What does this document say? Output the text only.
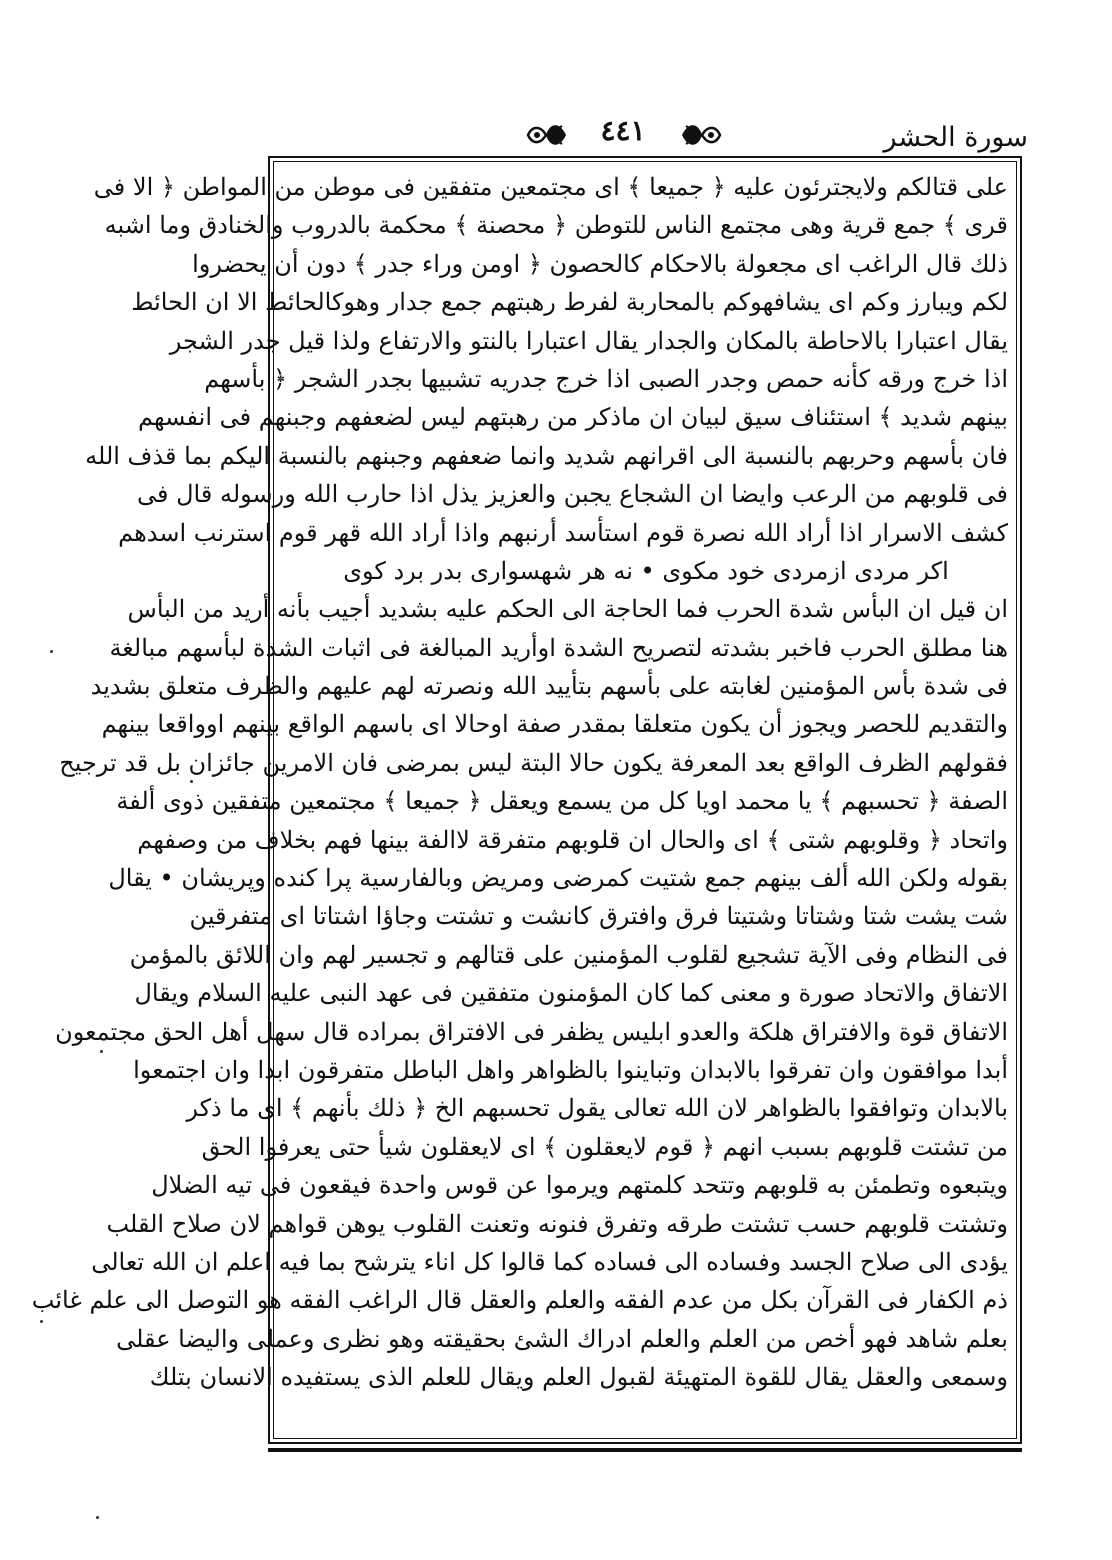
سورة الحشر
٤٤١
على قتالكم ولايجترئون عليه ﴿ جميعا ﴾ اى مجتمعين متفقين فى موطن من المواطن ﴿ الا فى
قرى ﴾ جمع قرية وهى مجتمع الناس للتوطن ﴿ محصنة ﴾ محكمة بالدروب والخنادق وما اشبه
ذلك قال الراغب اى مجعولة بالاحكام كالحصون ﴿ اومن وراء جدر ﴾ دون أن يحضروا
لكم ويبارز وكم اى يشافهوكم بالمحاربة لفرط رهبتهم جمع جدار وهوكالحائط الا ان الحائط
يقال اعتبارا بالاحاطة بالمكان والجدار يقال اعتبارا بالنتو والارتفاع ولذا قيل جدر الشجر
اذا خرج ورقه كأنه حمص وجدر الصبى اذا خرج جدريه تشبيها بجدر الشجر ﴿ بأسهم
بينهم شديد ﴾ استئناف سيق لبيان ان ماذكر من رهبتهم ليس لضعفهم وجبنهم فى انفسهم
فان بأسهم وحربهم بالنسبة الى اقرانهم شديد وانما ضعفهم وجبنهم بالنسبة اليكم بما قذف الله
فى قلوبهم من الرعب وايضا ان الشجاع يجبن والعزيز يذل اذا حارب الله ورسوله قال فى
كشف الاسرار اذا أراد الله نصرة قوم استأسد أرنبهم واذا أراد الله قهر قوم استرنب اسدهم
اكر مردى ازمردى خود مكوى • نه هر شهسوارى بدر برد كوى
ان قيل ان البأس شدة الحرب فما الحاجة الى الحكم عليه بشديد أجيب بأنه أريد من البأس
هنا مطلق الحرب فاخبر بشدته لتصريح الشدة اوأريد المبالغة فى اثبات الشدة لبأسهم مبالغة
فى شدة بأس المؤمنين لغابته على بأسهم بتأييد الله ونصرته لهم عليهم والظرف متعلق بشديد
والتقديم للحصر ويجوز أن يكون متعلقا بمقدر صفة اوحالا اى باسهم الواقع بينهم اوواقعا بينهم
فقولهم الظرف الواقع بعد المعرفة يكون حالا البتة ليس بمرضى فان الامرين جائزان بل قد ترجيح
الصفة ﴿ تحسبهم ﴾ يا محمد اويا كل من يسمع ويعقل ﴿ جميعا ﴾ مجتمعين متفقين ذوى ألفة
واتحاد ﴿ وقلوبهم شتى ﴾ اى والحال ان قلوبهم متفرقة لاالفة بينها فهم بخلاف من وصفهم
بقوله ولكن الله ألف بينهم جمع شتيت كمرضى ومريض وبالفارسية پرا كنده وپريشان • يقال
شت يشت شتا وشتاتا وشتيتا فرق وافترق كانشت و تشتت وجاؤا اشتاتا اى متفرقين
فى النظام وفى الآية تشجيع لقلوب المؤمنين على قتالهم و تجسير لهم وان اللائق بالمؤمن
الاتفاق والاتحاد صورة و معنى كما كان المؤمنون متفقين فى عهد النبى عليه السلام ويقال
الاتفاق قوة والافتراق هلكة والعدو ابليس يظفر فى الافتراق بمراده قال سهل أهل الحق مجتمعون
أبدا موافقون وان تفرقوا بالابدان وتباينوا بالظواهر واهل الباطل متفرقون ابدا وان اجتمعوا
بالابدان وتوافقوا بالظواهر لان الله تعالى يقول تحسبهم الخ ﴿ ذلك بأنهم ﴾ اى ما ذكر
من تشتت قلوبهم بسبب انهم ﴿ قوم لايعقلون ﴾ اى لايعقلون شيأ حتى يعرفوا الحق
ويتبعوه وتطمئن به قلوبهم وتتحد كلمتهم ويرموا عن قوس واحدة فيقعون فى تيه الضلال
وتشتت قلوبهم حسب تشتت طرقه وتفرق فنونه وتعنت القلوب يوهن قواهم لان صلاح القلب
يؤدى الى صلاح الجسد وفساده الى فساده كما قالوا كل اناء يترشح بما فيه اعلم ان الله تعالى
ذم الكفار فى القرآن بكل من عدم الفقه والعلم والعقل قال الراغب الفقه هو التوصل الى علم غائب
بعلم شاهد فهو أخص من العلم والعلم ادراك الشئ بحقيقته وهو نظرى وعملى واليضا عقلى
وسمعى والعقل يقال للقوة المتهيئة لقبول العلم ويقال للعلم الذى يستفيده الانسان بتلك
